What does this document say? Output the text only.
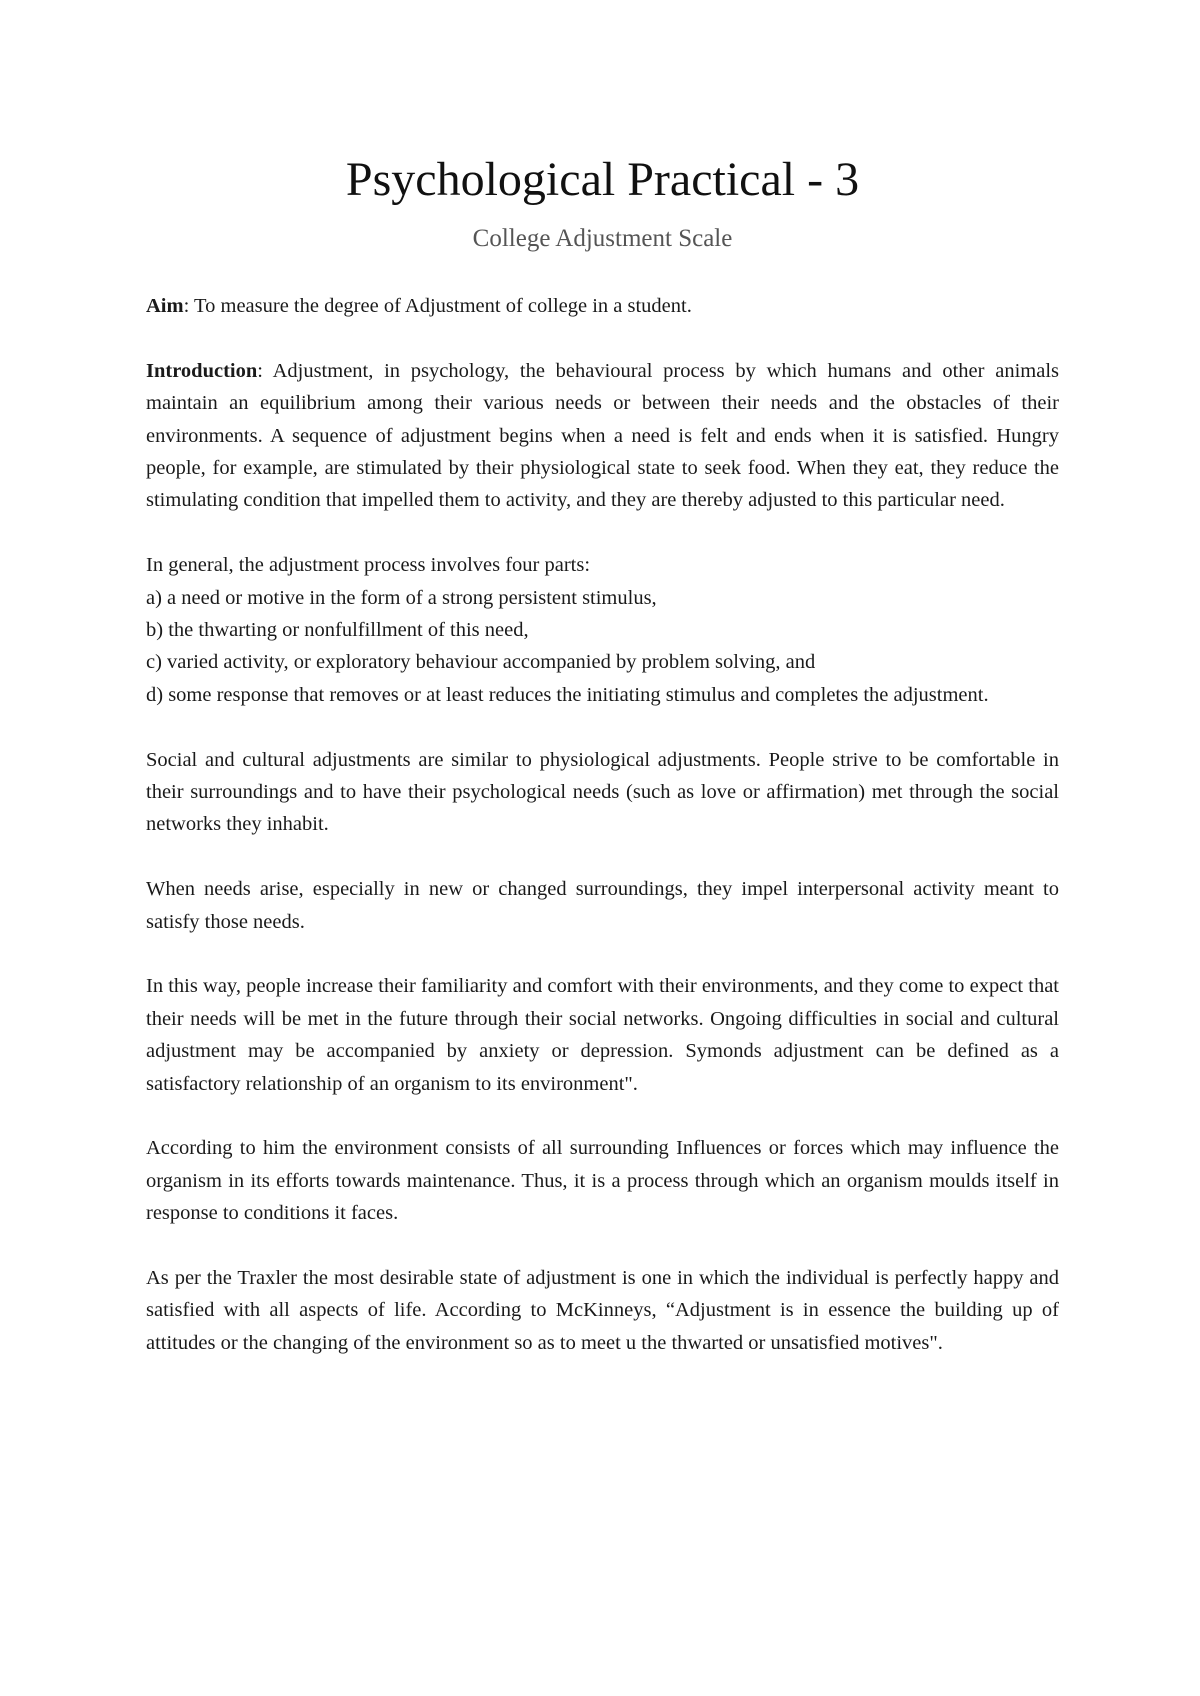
Psychological Practical - 3
College Adjustment Scale

Aim: To measure the degree of Adjustment of college in a student.

Introduction: Adjustment, in psychology, the behavioural process by which humans and other animals maintain an equilibrium among their various needs or between their needs and the obstacles of their environments. A sequence of adjustment begins when a need is felt and ends when it is satisfied. Hungry people, for example, are stimulated by their physiological state to seek food. When they eat, they reduce the stimulating condition that impelled them to activity, and they are thereby adjusted to this particular need.

In general, the adjustment process involves four parts:

a) a need or motive in the form of a strong persistent stimulus,

b) the thwarting or nonfulfillment of this need,

c) varied activity, or exploratory behaviour accompanied by problem solving, and

d) some response that removes or at least reduces the initiating stimulus and completes the adjustment.

Social and cultural adjustments are similar to physiological adjustments. People strive to be comfortable in their surroundings and to have their psychological needs (such as love or affirmation) met through the social networks they inhabit.

When needs arise, especially in new or changed surroundings, they impel interpersonal activity meant to satisfy those needs.

In this way, people increase their familiarity and comfort with their environments, and they come to expect that their needs will be met in the future through their social networks. Ongoing difficulties in social and cultural adjustment may be accompanied by anxiety or depression. Symonds adjustment can be defined as a satisfactory relationship of an organism to its environment".

According to him the environment consists of all surrounding Influences or forces which may influence the organism in its efforts towards maintenance. Thus, it is a process through which an organism moulds itself in response to conditions it faces.

As per the Traxler the most desirable state of adjustment is one in which the individual is perfectly happy and satisfied with all aspects of life. According to McKinneys, “Adjustment is in essence the building up of attitudes or the changing of the environment so as to meet u the thwarted or unsatisfied motives".
